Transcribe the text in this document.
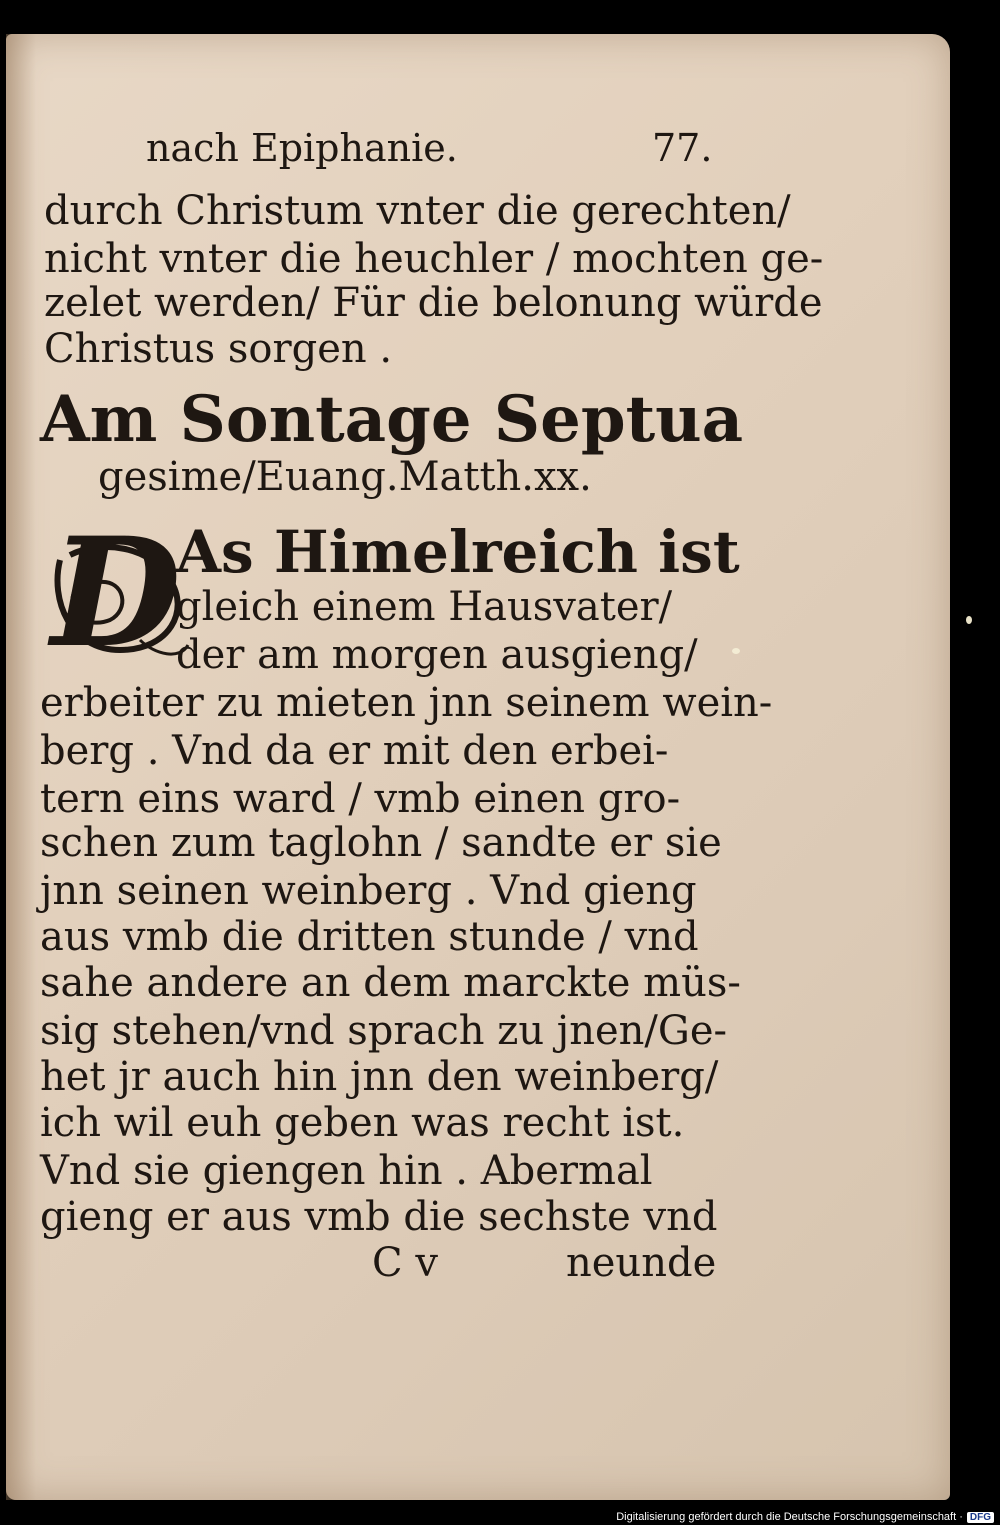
nach Epiphanie.	77.
durch Christum vnter die gerechten/
nicht vnter die heuchler / mochten ge-
zelet werden/ Für die belonung würde
Christus sorgen .
Am Sontage Septua
gesime/Euang.Matth.xx.
D
As Himelreich ist
gleich einem Hausvater/
der am morgen ausgieng/
erbeiter zu mieten jnn seinem wein-
berg . Vnd da er mit den erbei-
tern eins ward / vmb einen gro-
schen zum taglohn / sandte er sie
jnn seinen weinberg . Vnd gieng
aus vmb die dritten stunde / vnd
sahe andere an dem marckte müs-
sig stehen/vnd sprach zu jnen/Ge-
het jr auch hin jnn den weinberg/
ich wil euh geben was recht ist.
Vnd sie giengen hin . Abermal
gieng er aus vmb die sechste vnd
C v	neunde
Digitalisierung gefördert durch die Deutsche Forschungsgemeinschaft · DFG
